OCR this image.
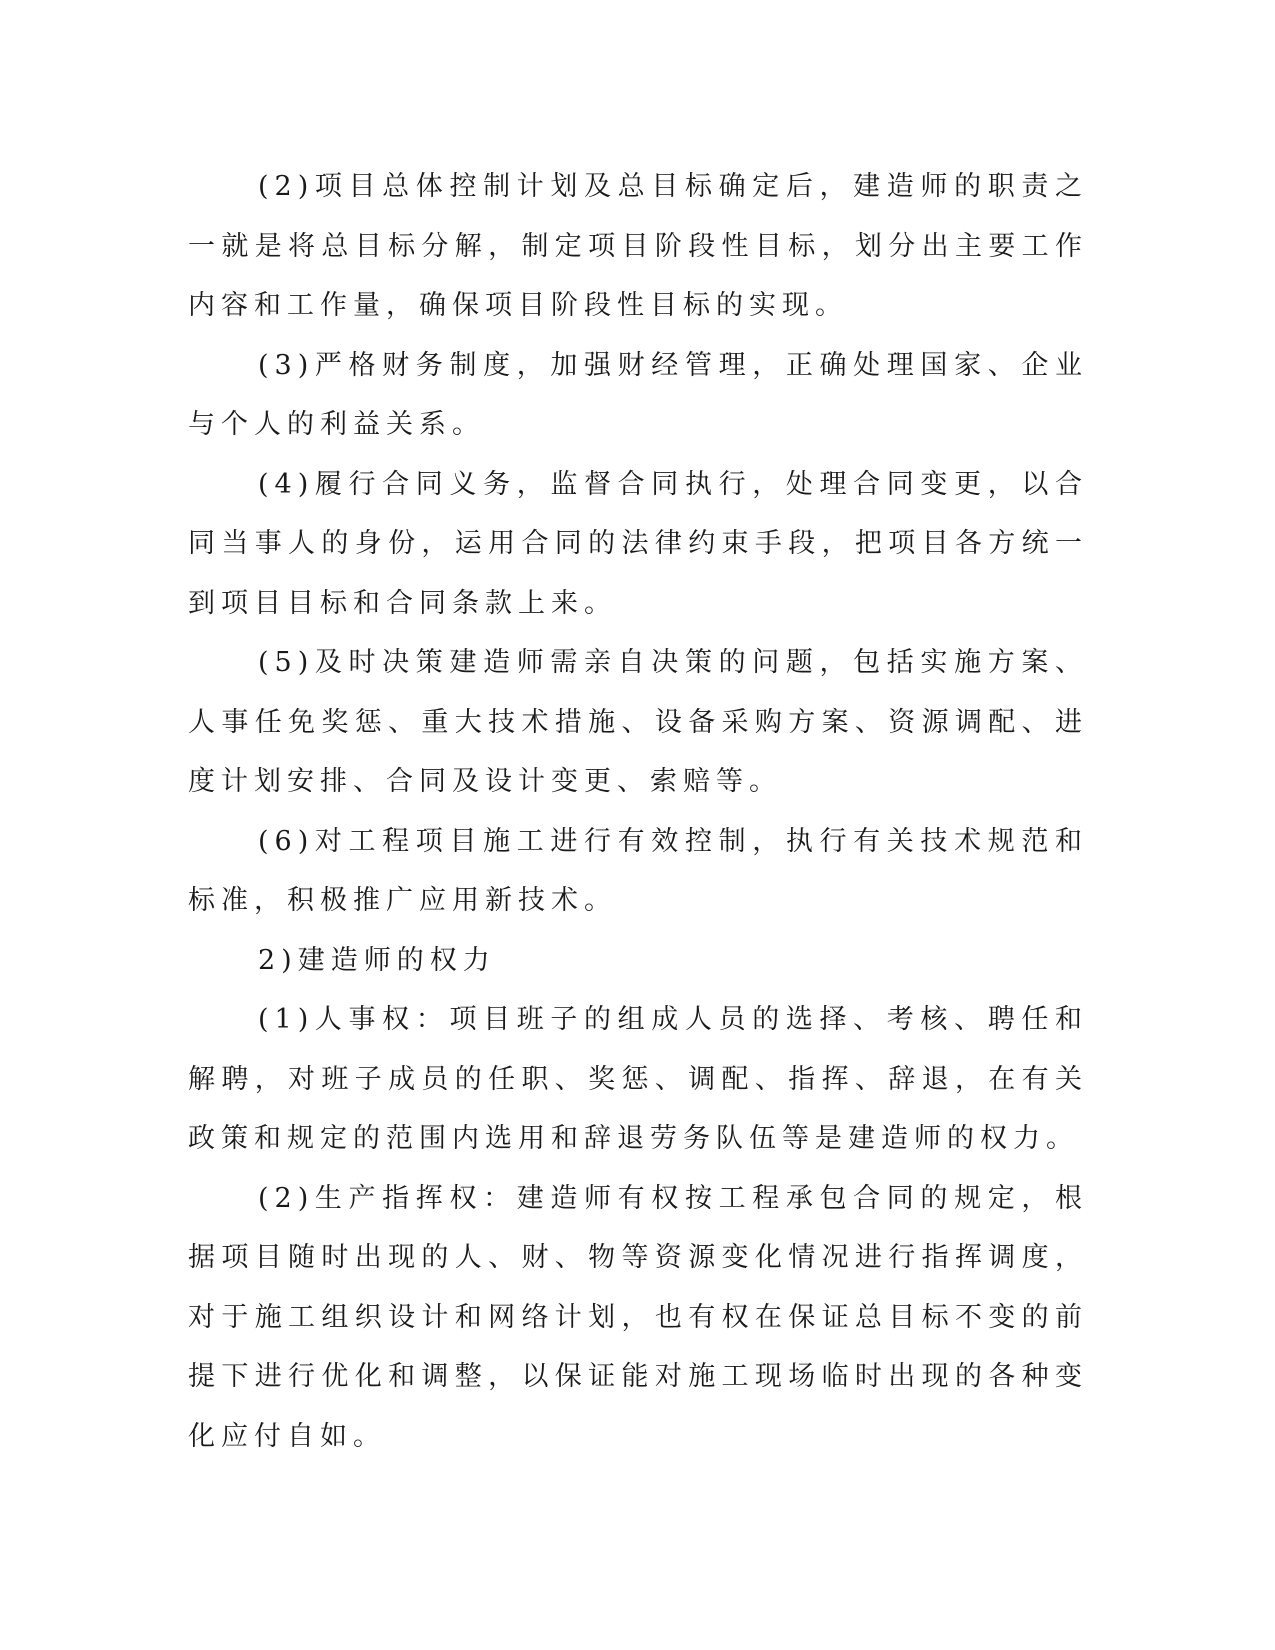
(2)项目总体控制计划及总目标确定后，建造师的职责之一就是将总目标分解，制定项目阶段性目标，划分出主要工作内容和工作量，确保项目阶段性目标的实现。

(3)严格财务制度，加强财经管理，正确处理国家、企业与个人的利益关系。

(4)履行合同义务，监督合同执行，处理合同变更，以合同当事人的身份，运用合同的法律约束手段，把项目各方统一到项目目标和合同条款上来。

(5)及时决策建造师需亲自决策的问题，包括实施方案、人事任免奖惩、重大技术措施、设备采购方案、资源调配、进度计划安排、合同及设计变更、索赔等。

(6)对工程项目施工进行有效控制，执行有关技术规范和标准，积极推广应用新技术。

2)建造师的权力

(1)人事权：项目班子的组成人员的选择、考核、聘任和解聘，对班子成员的任职、奖惩、调配、指挥、辞退，在有关政策和规定的范围内选用和辞退劳务队伍等是建造师的权力。

(2)生产指挥权：建造师有权按工程承包合同的规定，根据项目随时出现的人、财、物等资源变化情况进行指挥调度，对于施工组织设计和网络计划，也有权在保证总目标不变的前提下进行优化和调整，以保证能对施工现场临时出现的各种变化应付自如。
